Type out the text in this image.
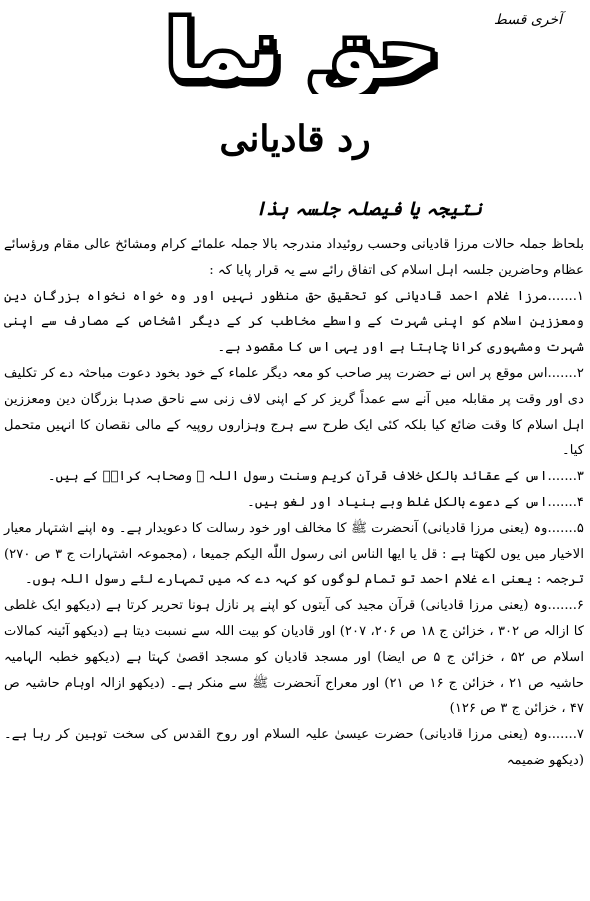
آخری قسط
حق نما
رد قادیانی
نتیجہ یا فیصلہ جلسہ ہذا

بلحاظ جملہ حالات مرزا قادیانی وحسب روئیداد مندرجہ بالا جملہ علمائے کرام ومشائخ عالی مقام ورؤسائے عظام وحاضرین جلسہ اہل اسلام کی اتفاق رائے سے یہ قرار پایا کہ :

۱.......مرزا غلام احمد قادیانی کو تحقیق حق منظور نہیں اور وہ خواہ نخواہ بزرگان دین ومعززین اسلام کو اپنی شہرت کے واسطے مخاطب کر کے دیگر اشخاص کے مصارف سے اپنی شہرت ومشہوری کرانا چاہتا ہے اور یہی اس کا مقصود ہے۔

۲.......اس موقع پر اس نے حضرت پیر صاحب کو معہ دیگر علماء کے خود بخود دعوت مباحثہ دے کر تکلیف دی اور وقت پر مقابلہ میں آنے سے عمداً گریز کر کے اپنی لاف زنی سے ناحق صدہا بزرگان دین ومعززین اہل اسلام کا وقت ضائع کیا بلکہ کئی ایک طرح سے ہرج وہزاروں روپیہ کے مالی نقصان کا انہیں متحمل کیا۔

۳.......اس کے عقائد بالکل خلاف قرآن کریم وسنت رسول اللہ ﷺ وصحابہ کرامؓ کے ہیں۔

۴.......اس کے دعوے بالکل غلط وبے بنیاد اور لغو ہیں۔

۵.......وہ (یعنی مرزا قادیانی) آنحضرت ﷺ کا مخالف اور خود رسالت کا دعویدار ہے۔ وہ اپنے اشتہار معیار الاخیار میں یوں لکھتا ہے : قل یا ایها الناس انی رسول اللّٰه الیکم جمیعا ، (مجموعہ اشتہارات ج ۳ ص ۲۷۰) ترجمہ : یعنی اے غلام احمد تو تمام لوگوں کو کہہ دے کہ میں تمہارے لئے رسول اللہ ہوں۔

۶.......وہ (یعنی مرزا قادیانی) قرآن مجید کی آیتوں کو اپنے پر نازل ہونا تحریر کرتا ہے (دیکھو ایک غلطی کا ازالہ ص ۳۰۲ ، خزائن ج ۱۸ ص ۲۰۶، ۲۰۷) اور قادیان کو بیت اللہ سے نسبت دیتا ہے (دیکھو آئینہ کمالات اسلام ص ۵۲ ، خزائن ج ۵ ص ایضا) اور مسجد قادیان کو مسجد اقصیٰ کہتا ہے (دیکھو خطبہ الہامیہ حاشیہ ص ۲۱ ، خزائن ج ۱۶ ص ۲۱) اور معراج آنحضرت ﷺ سے منکر ہے۔ (دیکھو ازالہ اوہام حاشیہ ص ۴۷ ، خزائن ج ۳ ص ۱۲۶)

۷.......وہ (یعنی مرزا قادیانی) حضرت عیسیٰ علیہ السلام اور روح القدس کی سخت توہین کر رہا ہے۔ (دیکھو ضمیمہ
